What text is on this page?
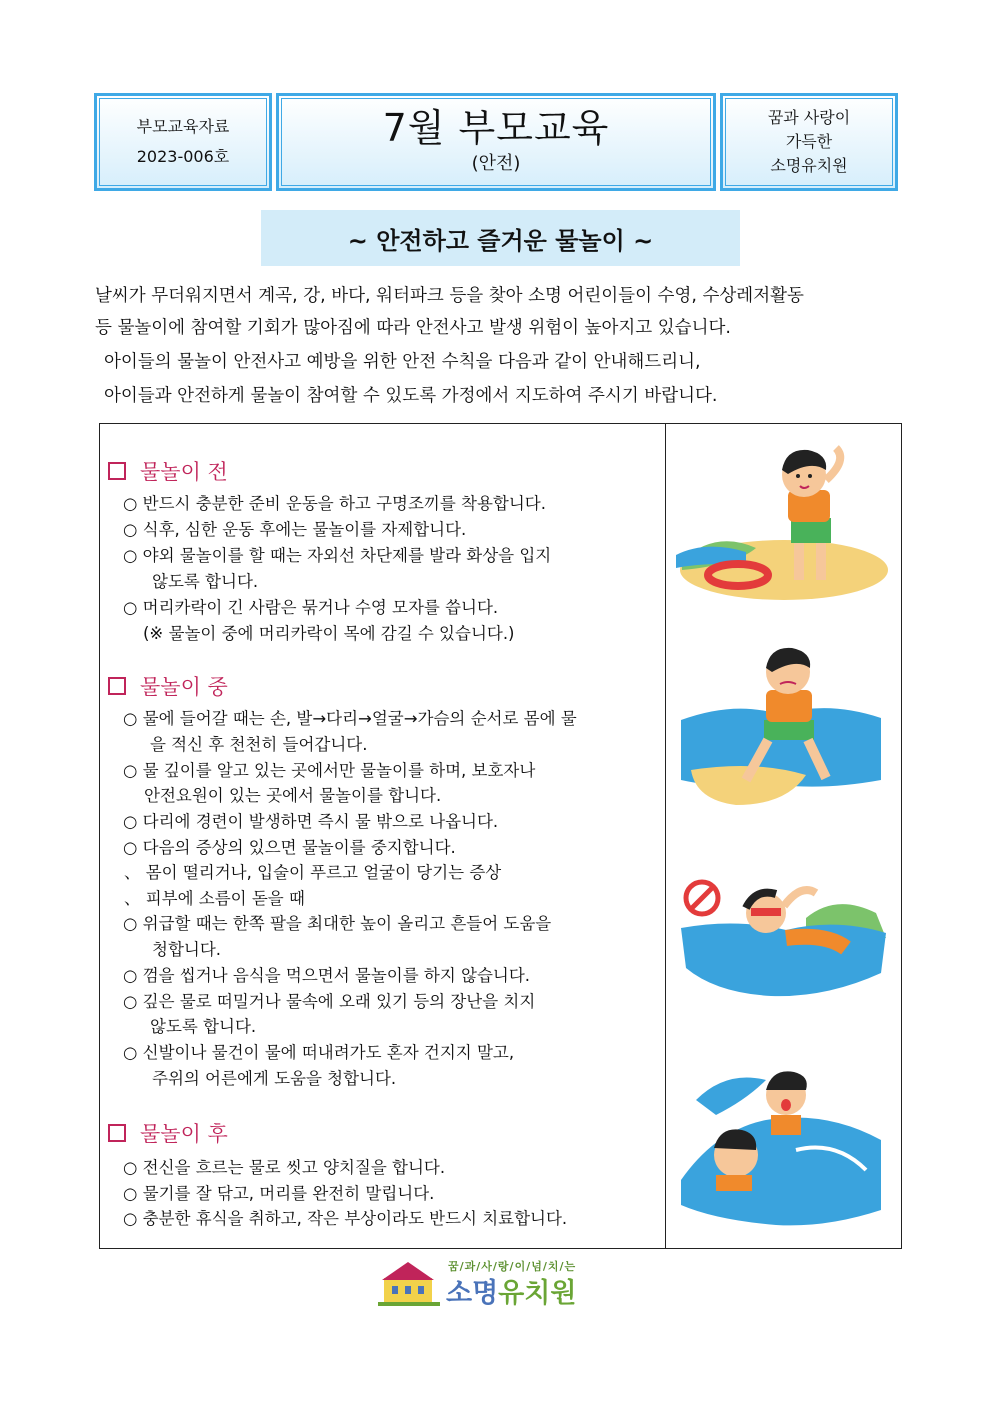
부모교육자료
2023-006호
7월 부모교육
(안전)
꿈과 사랑이
가득한
소명유치원
~ 안전하고 즐거운 물놀이 ~
날씨가 무더워지면서 계곡, 강, 바다, 워터파크 등을 찾아 소명 어린이들이 수영, 수상레저활동
등 물놀이에 참여할 기회가 많아짐에 따라 안전사고 발생 위험이 높아지고 있습니다.
아이들의 물놀이 안전사고 예방을 위한 안전 수칙을 다음과 같이 안내해드리니,
아이들과 안전하게 물놀이 참여할 수 있도록 가정에서 지도하여 주시기 바랍니다.
물놀이 전
○ 반드시 충분한 준비 운동을 하고 구명조끼를 착용합니다.
○ 식후, 심한 운동 후에는 물놀이를 자제합니다.
○ 야외 물놀이를 할 때는 자외선 차단제를 발라 화상을 입지
않도록 합니다.
○ 머리카락이 긴 사람은 묶거나 수영 모자를 씁니다.
(※ 물놀이 중에 머리카락이 목에 감길 수 있습니다.)
물놀이 중
○ 물에 들어갈 때는 손, 발→다리→얼굴→가슴의 순서로 몸에 물
을 적신 후 천천히 들어갑니다.
○ 물 깊이를 알고 있는 곳에서만 물놀이를 하며, 보호자나
안전요원이 있는 곳에서 물놀이를 합니다.
○ 다리에 경련이 발생하면 즉시 물 밖으로 나옵니다.
○ 다음의 증상의 있으면 물놀이를 중지합니다.
、 몸이 떨리거나, 입술이 푸르고 얼굴이 당기는 증상
、 피부에 소름이 돋을 때
○ 위급할 때는 한쪽 팔을 최대한 높이 올리고 흔들어 도움을
청합니다.
○ 껌을 씹거나 음식을 먹으면서 물놀이를 하지 않습니다.
○ 깊은 물로 떠밀거나 물속에 오래 있기 등의 장난을 치지
않도록 합니다.
○ 신발이나 물건이 물에 떠내려가도 혼자 건지지 말고,
주위의 어른에게 도움을 청합니다.
물놀이 후
○ 전신을 흐르는 물로 씻고 양치질을 합니다.
○ 물기를 잘 닦고, 머리를 완전히 말립니다.
○ 충분한 휴식을 취하고, 작은 부상이라도 반드시 치료합니다.
꿈/과/사/랑/이/넘/치/는
소명유치원
